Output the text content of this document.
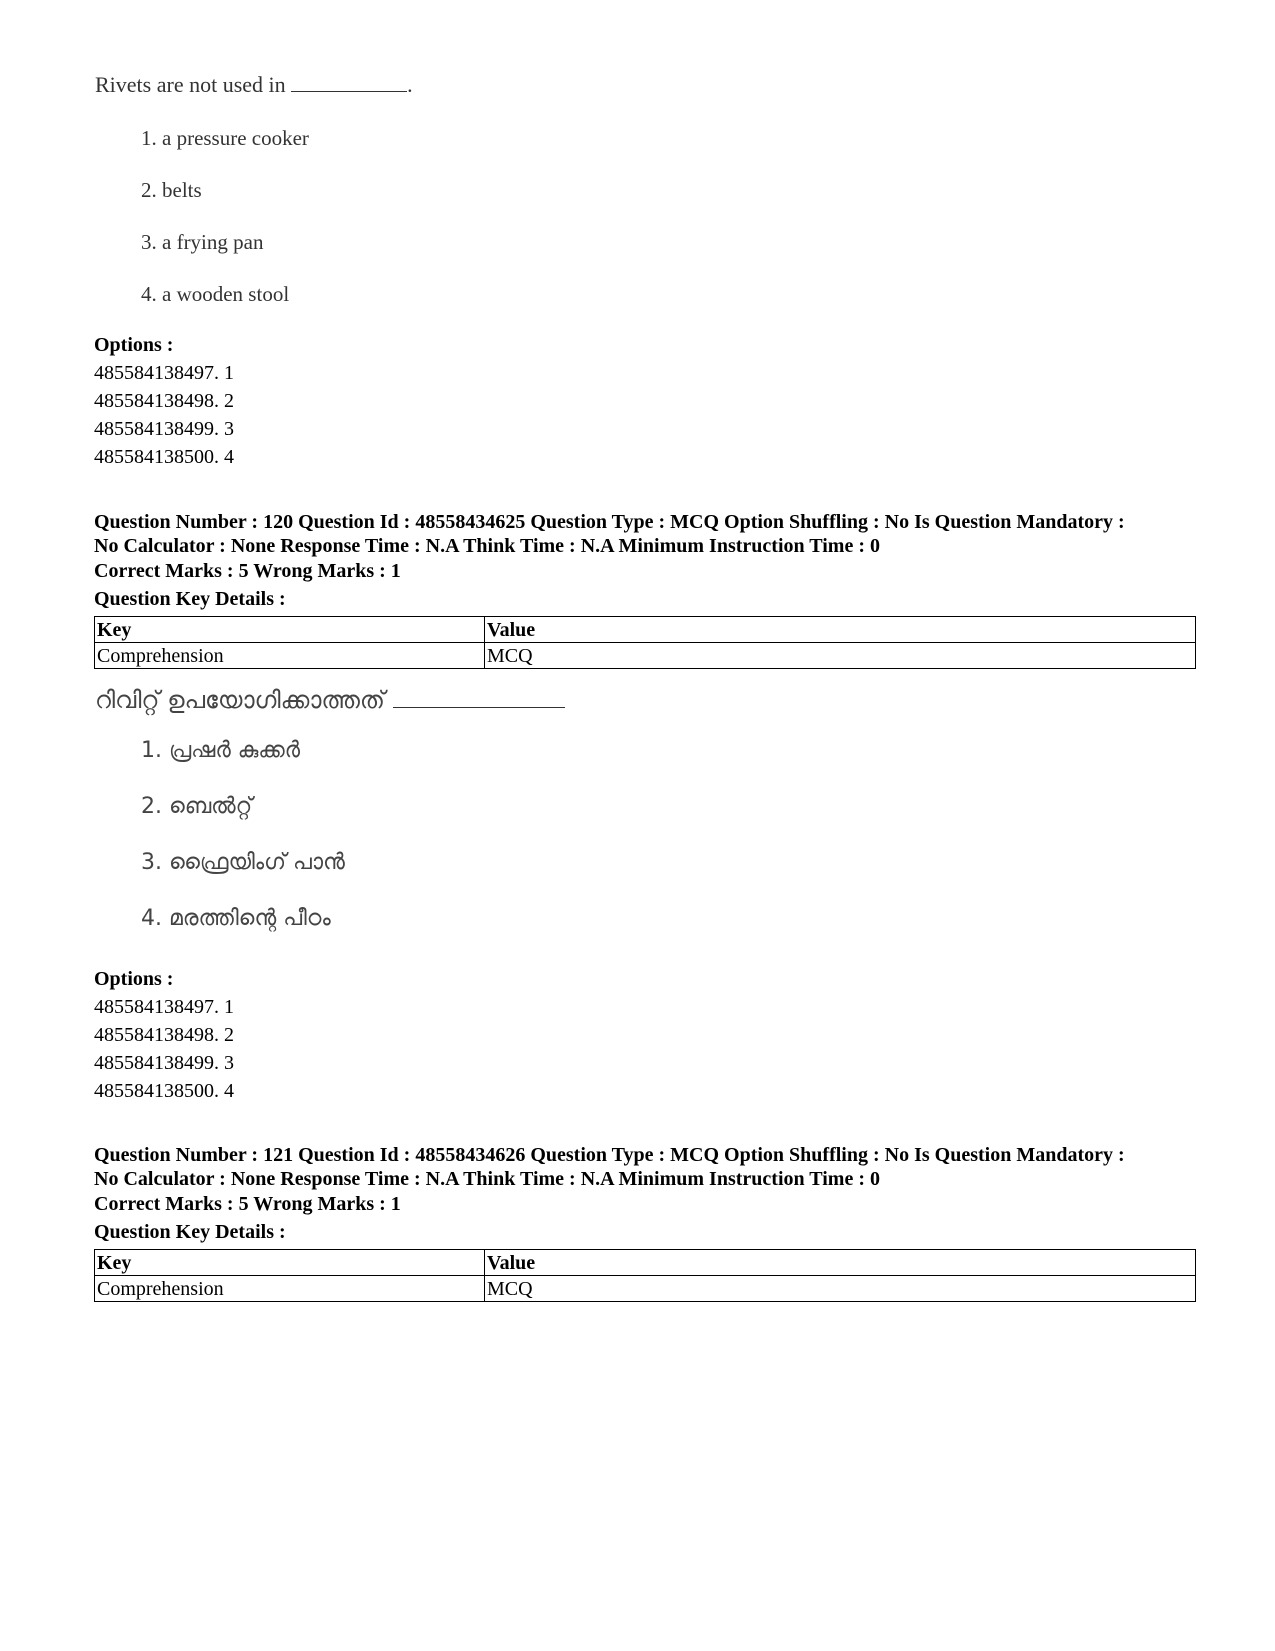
Rivets are not used in	.
1. a pressure cooker
2. belts
3. a frying pan
4. a wooden stool
Options :
485584138497. 1
485584138498. 2
485584138499. 3
485584138500. 4
Question Number : 120 Question Id : 48558434625 Question Type : MCQ Option Shuffling : No Is Question Mandatory :
No Calculator : None Response Time : N.A Think Time : N.A Minimum Instruction Time : 0
Correct Marks : 5 Wrong Marks : 1
Question Key Details :
Key	Value
Comprehension	MCQ
റിവിറ്റ് ഉപയോഗിക്കാത്തത്
1. പ്രഷർ കുക്കർ
2. ബെൽറ്റ്
3. ഫ്രൈയിംഗ് പാൻ
4. മരത്തിന്റെ പീഠം
Options :
485584138497. 1
485584138498. 2
485584138499. 3
485584138500. 4
Question Number : 121 Question Id : 48558434626 Question Type : MCQ Option Shuffling : No Is Question Mandatory :
No Calculator : None Response Time : N.A Think Time : N.A Minimum Instruction Time : 0
Correct Marks : 5 Wrong Marks : 1
Question Key Details :
Key	Value
Comprehension	MCQ
